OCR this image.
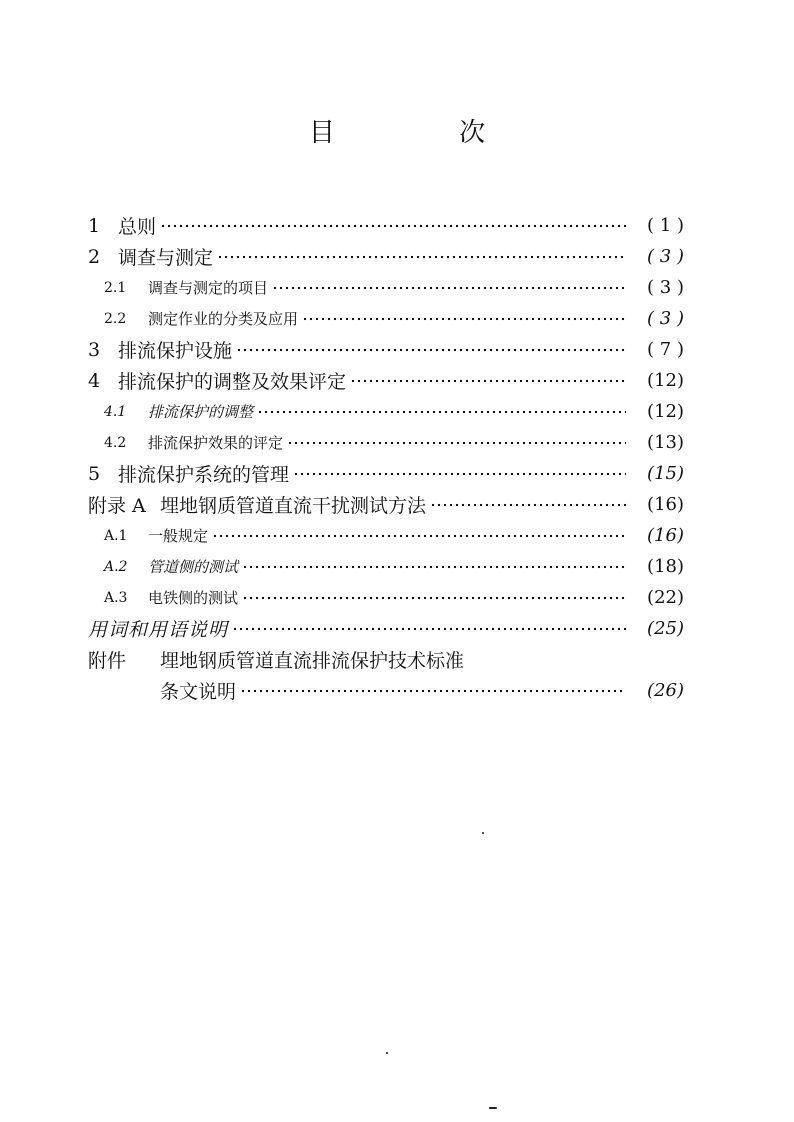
目 次
1 总则	( 1 )
2 调查与测定	( 3 )
2.1	调查与测定的项目	( 3 )
2.2	测定作业的分类及应用	( 3 )
3 排流保护设施	( 7 )
4 排流保护的调整及效果评定	(12)
4.1	排流保护的调整	(12)
4.2	排流保护效果的评定	(13)
5 排流保护系统的管理	(15)
附录 A 埋地钢质管道直流干扰测试方法	(16)
A.1	一般规定	(16)
A.2	管道侧的测试	(18)
A.3	电铁侧的测试	(22)
用词和用语说明	(25)
附件	埋地钢质管道直流排流保护技术标准
条文说明	(26)
